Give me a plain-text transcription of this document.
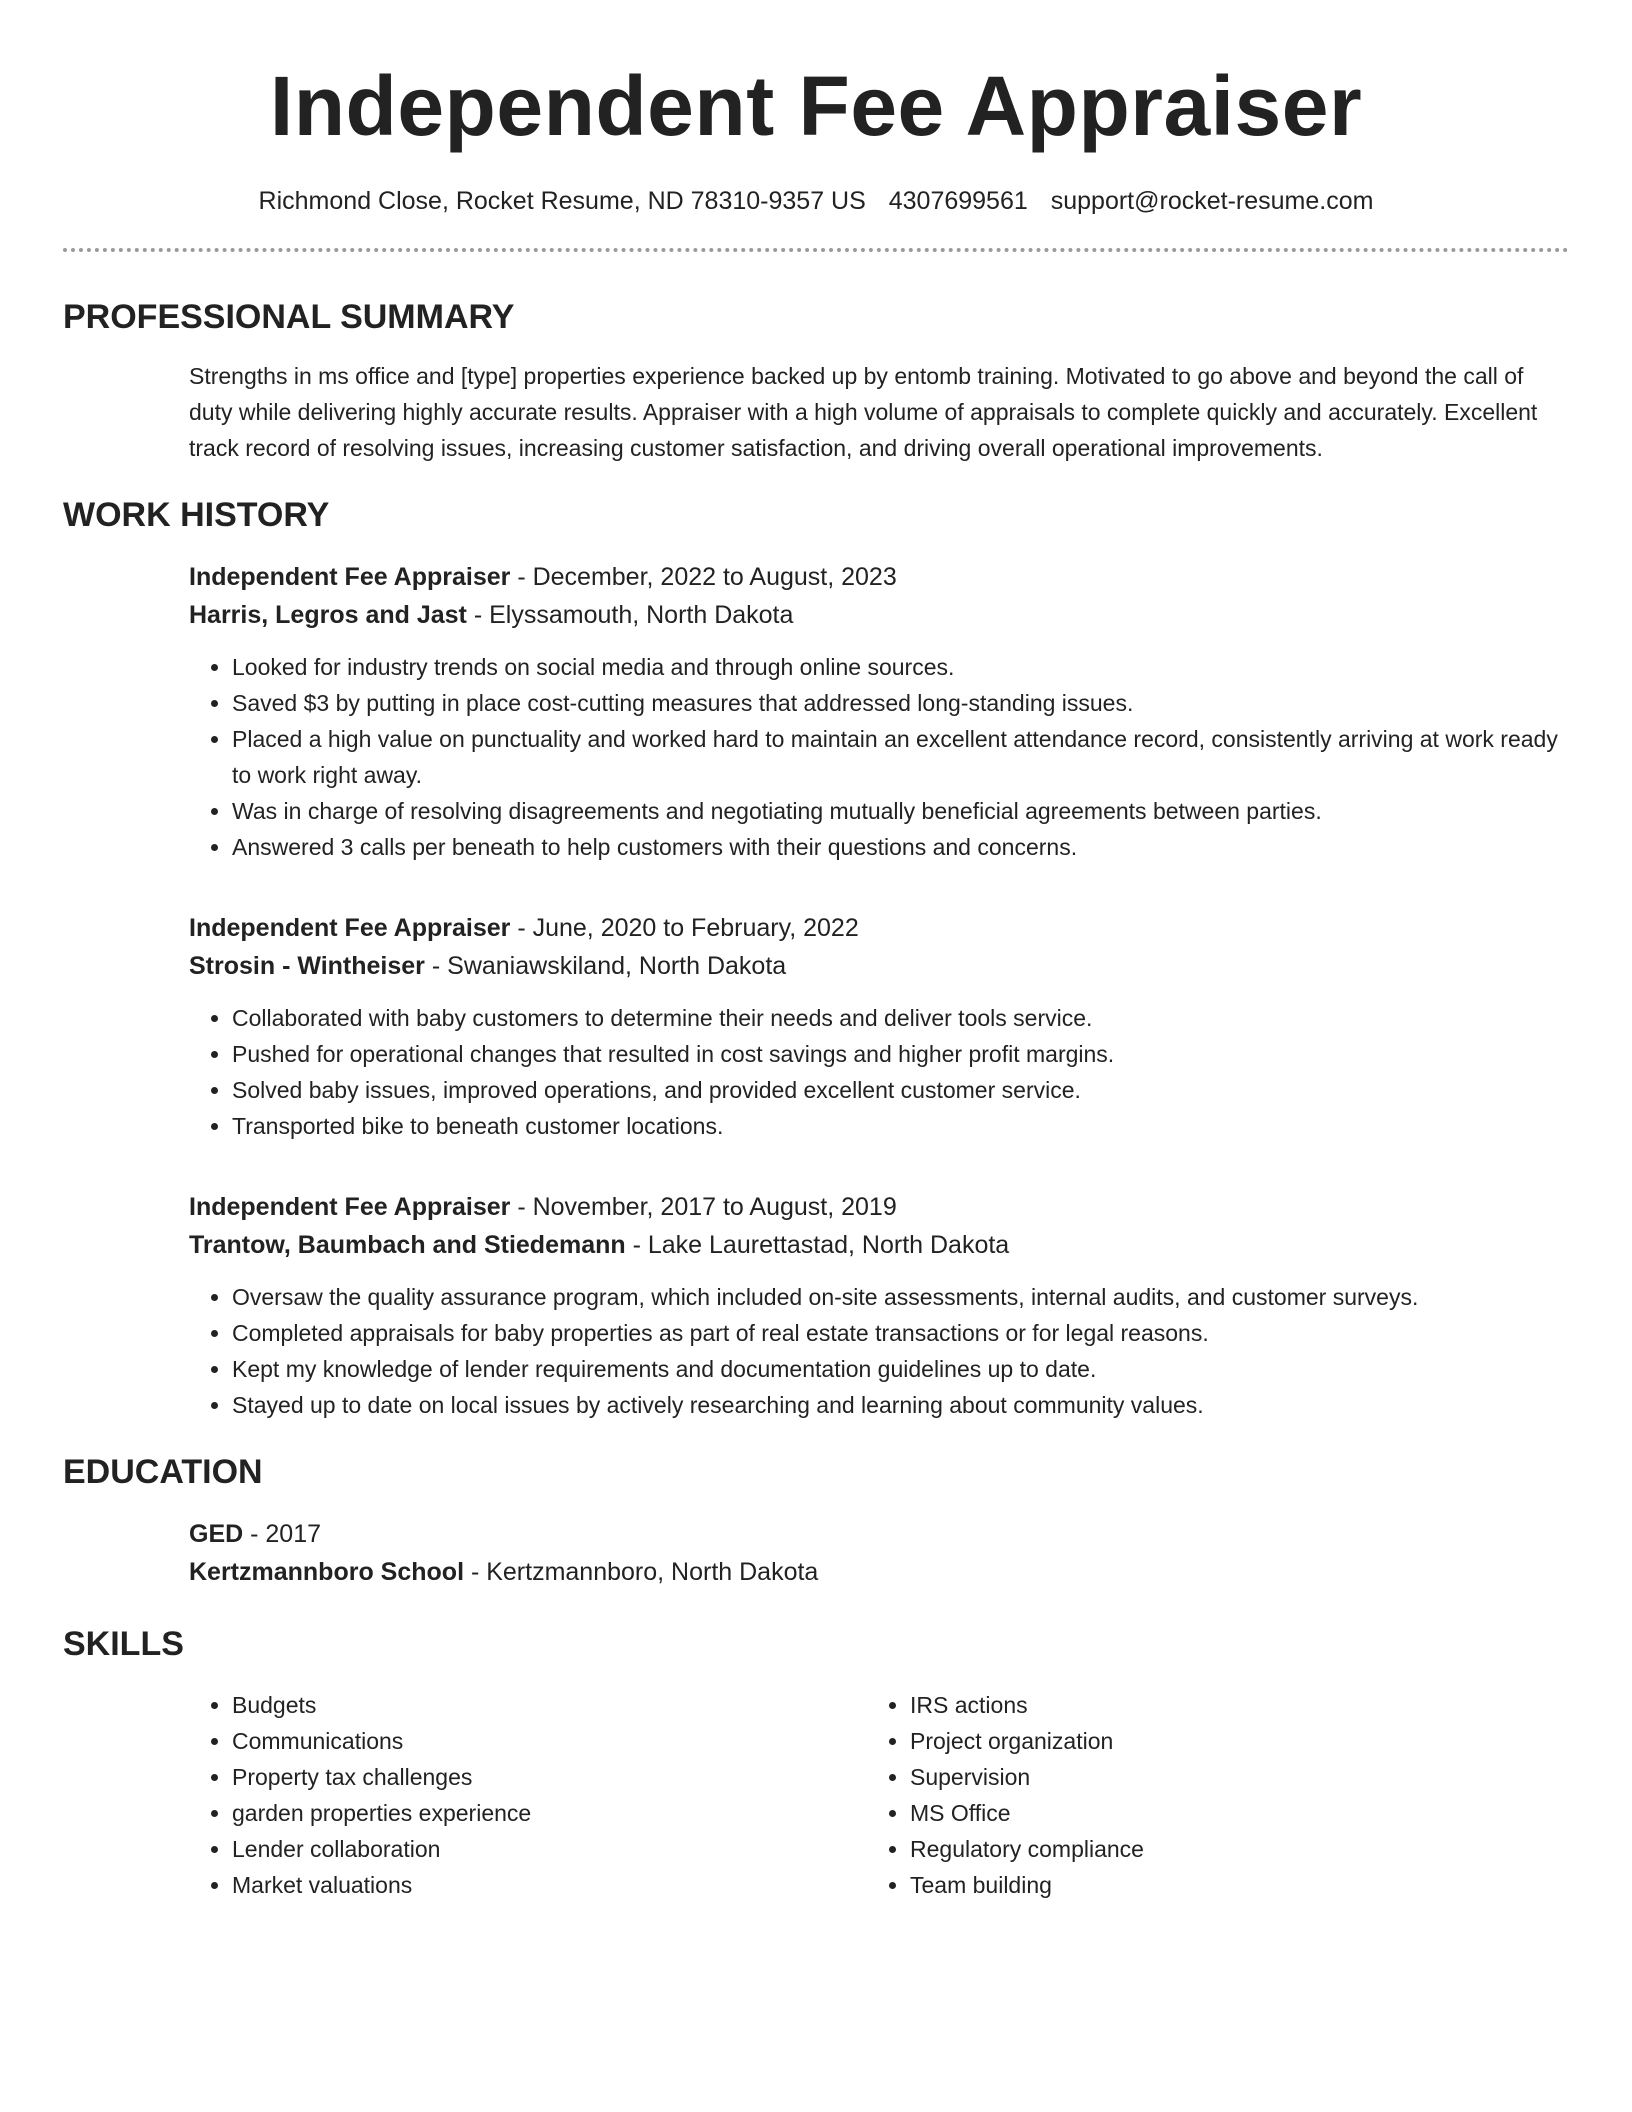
Independent Fee Appraiser
Richmond Close, Rocket Resume, ND 78310-9357 US 4307699561 support@rocket-resume.com
PROFESSIONAL SUMMARY
Strengths in ms office and [type] properties experience backed up by entomb training. Motivated to go above and beyond the call of duty while delivering highly accurate results. Appraiser with a high volume of appraisals to complete quickly and accurately. Excellent track record of resolving issues, increasing customer satisfaction, and driving overall operational improvements.
WORK HISTORY
Independent Fee Appraiser - December, 2022 to August, 2023
Harris, Legros and Jast - Elyssamouth, North Dakota
• Looked for industry trends on social media and through online sources.
• Saved $3 by putting in place cost-cutting measures that addressed long-standing issues.
• Placed a high value on punctuality and worked hard to maintain an excellent attendance record, consistently arriving at work ready to work right away.
• Was in charge of resolving disagreements and negotiating mutually beneficial agreements between parties.
• Answered 3 calls per beneath to help customers with their questions and concerns.
Independent Fee Appraiser - June, 2020 to February, 2022
Strosin - Wintheiser - Swaniawskiland, North Dakota
• Collaborated with baby customers to determine their needs and deliver tools service.
• Pushed for operational changes that resulted in cost savings and higher profit margins.
• Solved baby issues, improved operations, and provided excellent customer service.
• Transported bike to beneath customer locations.
Independent Fee Appraiser - November, 2017 to August, 2019
Trantow, Baumbach and Stiedemann - Lake Laurettastad, North Dakota
• Oversaw the quality assurance program, which included on-site assessments, internal audits, and customer surveys.
• Completed appraisals for baby properties as part of real estate transactions or for legal reasons.
• Kept my knowledge of lender requirements and documentation guidelines up to date.
• Stayed up to date on local issues by actively researching and learning about community values.
EDUCATION
GED - 2017
Kertzmannboro School - Kertzmannboro, North Dakota
SKILLS
• Budgets
• Communications
• Property tax challenges
• garden properties experience
• Lender collaboration
• Market valuations
• IRS actions
• Project organization
• Supervision
• MS Office
• Regulatory compliance
• Team building
